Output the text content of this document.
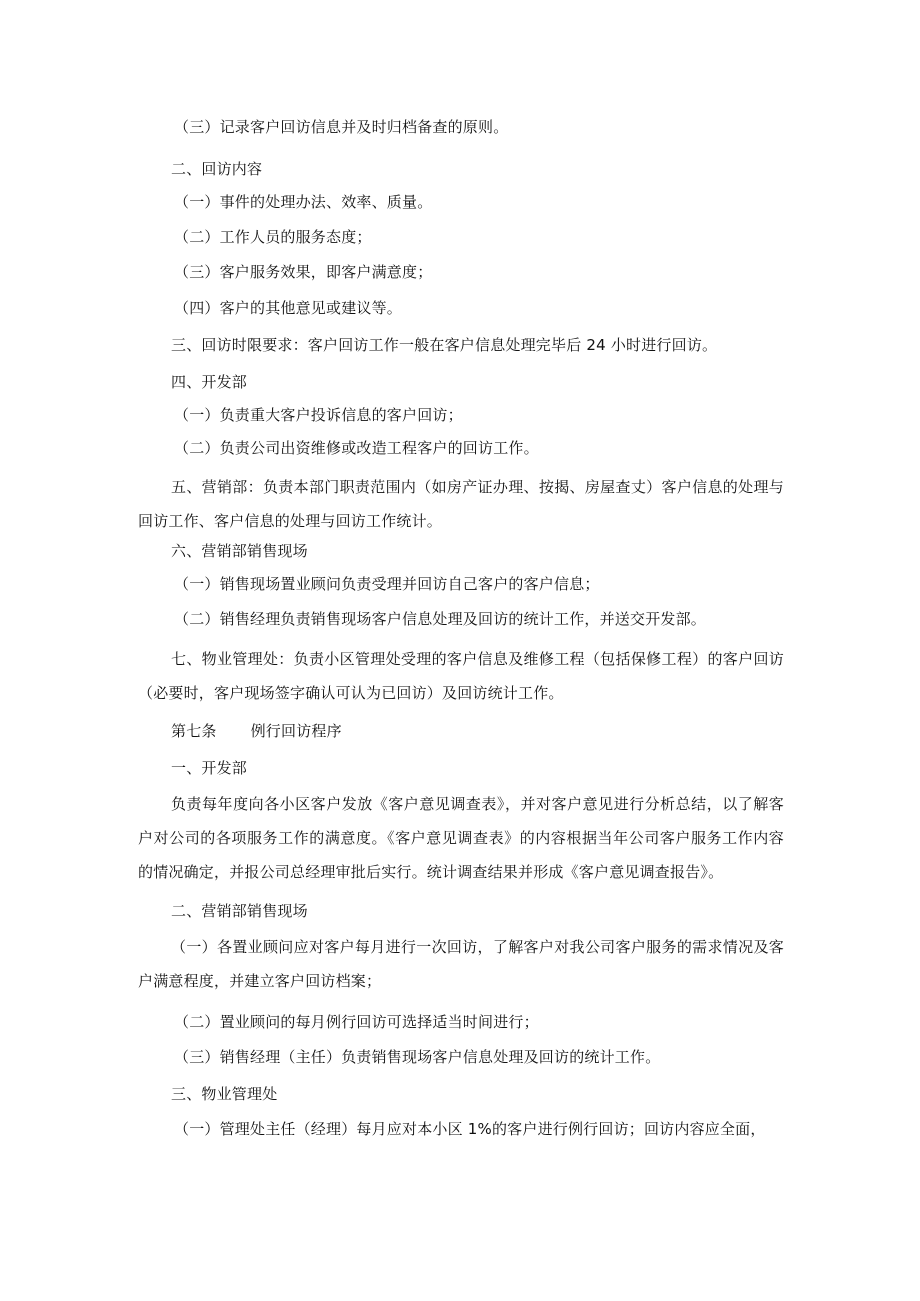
（三）记录客户回访信息并及时归档备查的原则。
二、回访内容
（一）事件的处理办法、效率、质量。
（二）工作人员的服务态度；
（三）客户服务效果，即客户满意度；
（四）客户的其他意见或建议等。
三、回访时限要求：客户回访工作一般在客户信息处理完毕后 24 小时进行回访。
四、开发部
（一）负责重大客户投诉信息的客户回访；
（二）负责公司出资维修或改造工程客户的回访工作。
五、营销部：负责本部门职责范围内（如房产证办理、按揭、房屋查丈）客户信息的处理与回访工作、客户信息的处理与回访工作统计。
六、营销部销售现场
（一）销售现场置业顾问负责受理并回访自己客户的客户信息；
（二）销售经理负责销售现场客户信息处理及回访的统计工作，并送交开发部。
七、物业管理处：负责小区管理处受理的客户信息及维修工程（包括保修工程）的客户回访（必要时，客户现场签字确认可认为已回访）及回访统计工作。
第七条 例行回访程序
一、开发部
负责每年度向各小区客户发放《客户意见调查表》，并对客户意见进行分析总结，以了解客户对公司的各项服务工作的满意度。《客户意见调查表》的内容根据当年公司客户服务工作内容的情况确定，并报公司总经理审批后实行。统计调查结果并形成《客户意见调查报告》。
二、营销部销售现场
（一）各置业顾问应对客户每月进行一次回访，了解客户对我公司客户服务的需求情况及客户满意程度，并建立客户回访档案；
（二）置业顾问的每月例行回访可选择适当时间进行；
（三）销售经理（主任）负责销售现场客户信息处理及回访的统计工作。
三、物业管理处
（一）管理处主任（经理）每月应对本小区 1%的客户进行例行回访；回访内容应全面，
